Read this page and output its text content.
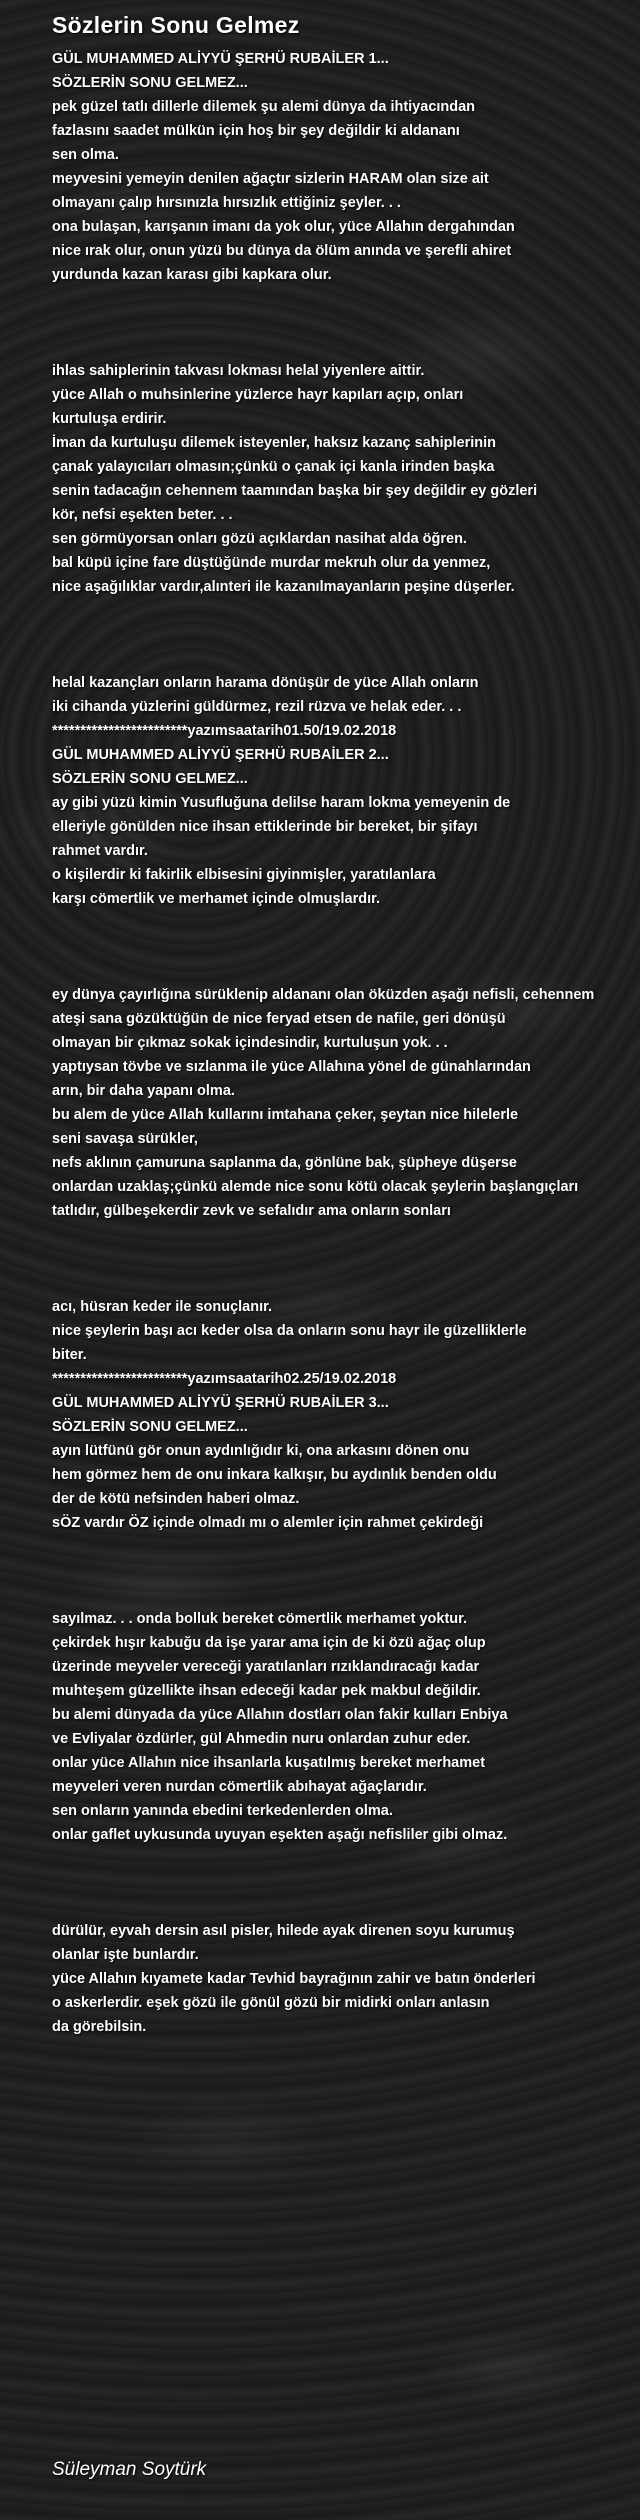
Sözlerin Sonu Gelmez
GÜL MUHAMMED ALİYYÜ ŞERHÜ RUBAİLER 1...
SÖZLERİN SONU GELMEZ...
pek güzel tatlı dillerle dilemek şu alemi dünya da ihtiyacından
fazlasını saadet mülkün için hoş bir şey değildir ki aldananı
sen olma.
meyvesini yemeyin denilen ağaçtır sizlerin HARAM olan size ait
olmayanı çalıp hırsınızla hırsızlık ettiğiniz şeyler. . .
ona bulaşan, karışanın imanı da yok olur, yüce Allahın dergahından
nice ırak olur, onun yüzü bu dünya da ölüm anında ve şerefli ahiret
yurdunda kazan karası gibi kapkara olur.
ihlas sahiplerinin takvası lokması helal yiyenlere aittir.
yüce Allah o muhsinlerine yüzlerce hayr kapıları açıp, onları
kurtuluşa erdirir.
İman da kurtuluşu dilemek isteyenler, haksız kazanç sahiplerinin
çanak yalayıcıları olmasın;çünkü o çanak içi kanla irinden başka
senin tadacağın cehennem taamından başka bir şey değildir ey gözleri
kör, nefsi eşekten beter. . .
sen görmüyorsan onları gözü açıklardan nasihat alda öğren.
bal küpü içine fare düştüğünde murdar mekruh olur da yenmez,
nice aşağılıklar vardır,alınteri ile kazanılmayanların peşine düşerler.
helal kazançları onların harama dönüşür de yüce Allah onların
iki cihanda yüzlerini güldürmez, rezil rüzva ve helak eder. . .
************************yazımsaatarih01.50/19.02.2018
GÜL MUHAMMED ALİYYÜ ŞERHÜ RUBAİLER 2...
SÖZLERİN SONU GELMEZ...
ay gibi yüzü kimin Yusufluğuna delilse haram lokma yemeyenin de
elleriyle gönülden nice ihsan ettiklerinde bir bereket, bir şifayı
rahmet vardır.
o kişilerdir ki fakirlik elbisesini giyinmişler, yaratılanlara
karşı cömertlik ve merhamet içinde olmuşlardır.
ey dünya çayırlığına sürüklenip aldananı olan öküzden aşağı nefisli, cehennem
ateşi sana gözüktüğün de nice feryad etsen de nafile, geri dönüşü
olmayan bir çıkmaz sokak içindesindir, kurtuluşun yok. . .
yaptıysan tövbe ve sızlanma ile yüce Allahına yönel de günahlarından
arın, bir daha yapanı olma.
bu alem de yüce Allah kullarını imtahana çeker, şeytan nice hilelerle
seni savaşa sürükler,
nefs aklının çamuruna saplanma da, gönlüne bak, şüpheye düşerse
onlardan uzaklaş;çünkü alemde nice sonu kötü olacak şeylerin başlangıçları
tatlıdır, gülbeşekerdir zevk ve sefalıdır ama onların sonları
acı, hüsran keder ile sonuçlanır.
nice şeylerin başı acı keder olsa da onların sonu hayr ile güzelliklerle
biter.
************************yazımsaatarih02.25/19.02.2018
GÜL MUHAMMED ALİYYÜ ŞERHÜ RUBAİLER 3...
SÖZLERİN SONU GELMEZ...
ayın lütfünü gör onun aydınlığıdır ki, ona arkasını dönen onu
hem görmez hem de onu inkara kalkışır, bu aydınlık benden oldu
der de kötü nefsinden haberi olmaz.
sÖZ vardır ÖZ içinde olmadı mı o alemler için rahmet çekirdeği
sayılmaz. . . onda bolluk bereket cömertlik merhamet yoktur.
çekirdek hışır kabuğu da işe yarar ama için de ki özü ağaç olup
üzerinde meyveler vereceği yaratılanları rızıklandıracağı kadar
muhteşem güzellikte ihsan edeceği kadar pek makbul değildir.
bu alemi dünyada da yüce Allahın dostları olan fakir kulları Enbiya
ve Evliyalar özdürler, gül Ahmedin nuru onlardan zuhur eder.
onlar yüce Allahın nice ihsanlarla kuşatılmış bereket merhamet
meyveleri veren nurdan cömertlik abıhayat ağaçlarıdır.
sen onların yanında ebedini terkedenlerden olma.
onlar gaflet uykusunda uyuyan eşekten aşağı nefisliler gibi olmaz.
dürülür, eyvah dersin asıl pisler, hilede ayak direnen soyu kurumuş
olanlar işte bunlardır.
yüce Allahın kıyamete kadar Tevhid bayrağının zahir ve batın önderleri
o askerlerdir. eşek gözü ile gönül gözü bir midirki onları anlasın
da görebilsin.
Süleyman Soytürk
